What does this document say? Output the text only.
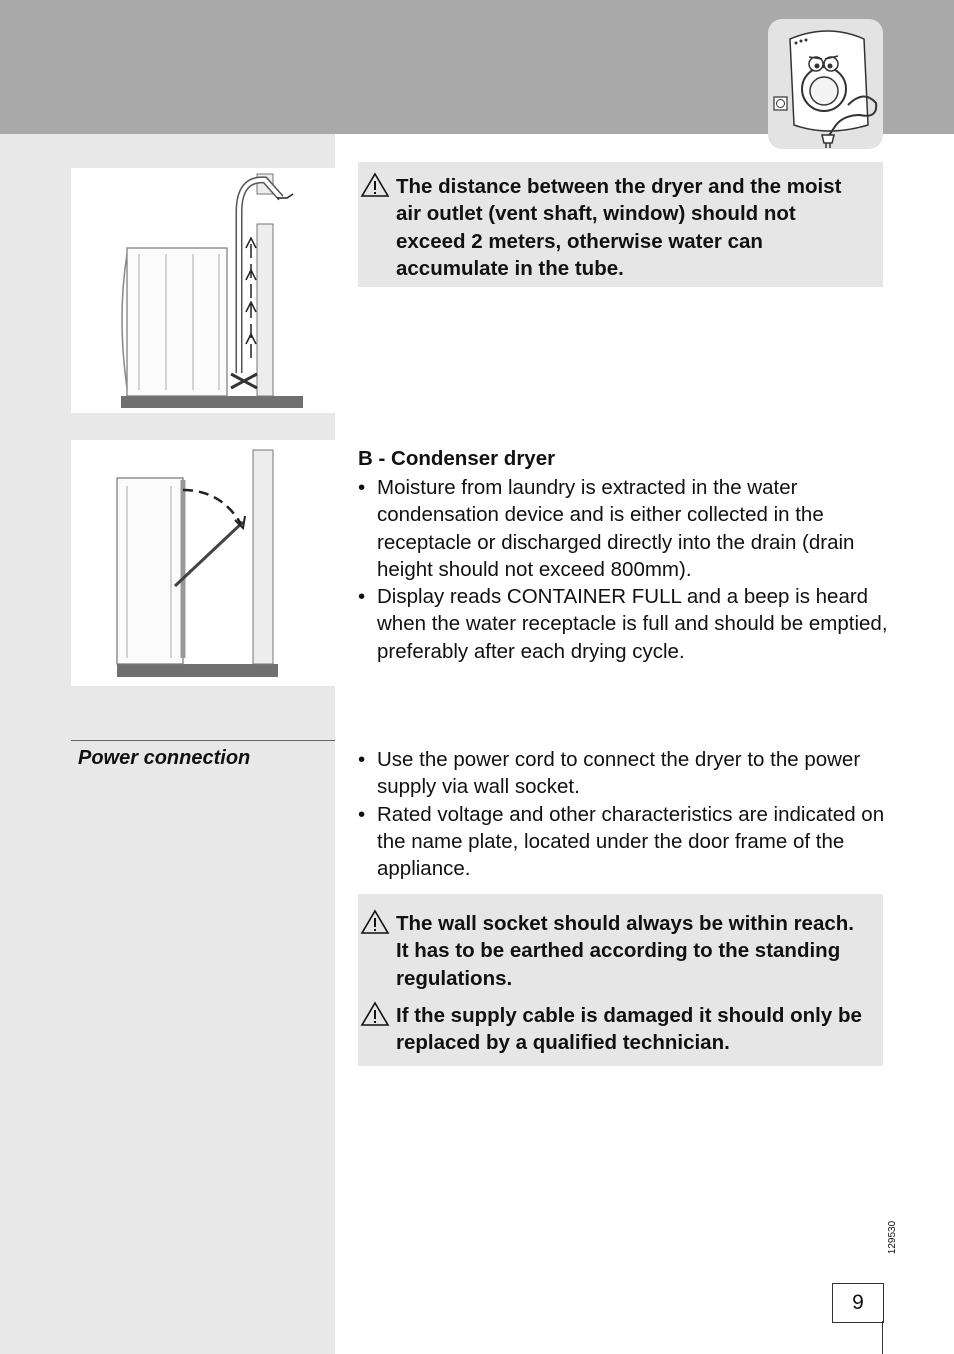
The distance between the dryer and the moist air outlet (vent shaft, window) should not exceed 2 meters, otherwise water can accumulate in the tube.
B - Condenser dryer
• Moisture from laundry is extracted in the water condensation device and is either collected in the receptacle or discharged directly into the drain (drain height should not exceed 800mm).
• Display reads CONTAINER FULL and a beep is heard when the water receptacle is full and should be emptied, preferably after each drying cycle.
Power connection
•	Use the power cord to connect the dryer to the power supply via wall socket.
• Rated voltage and other characteristics are indicated on the name plate, located under the door frame of the appliance.
The wall socket should always be within reach. It has to be earthed according to the standing regulations.
If the supply cable is damaged it should only be replaced by a qualified technician.
129530
9
